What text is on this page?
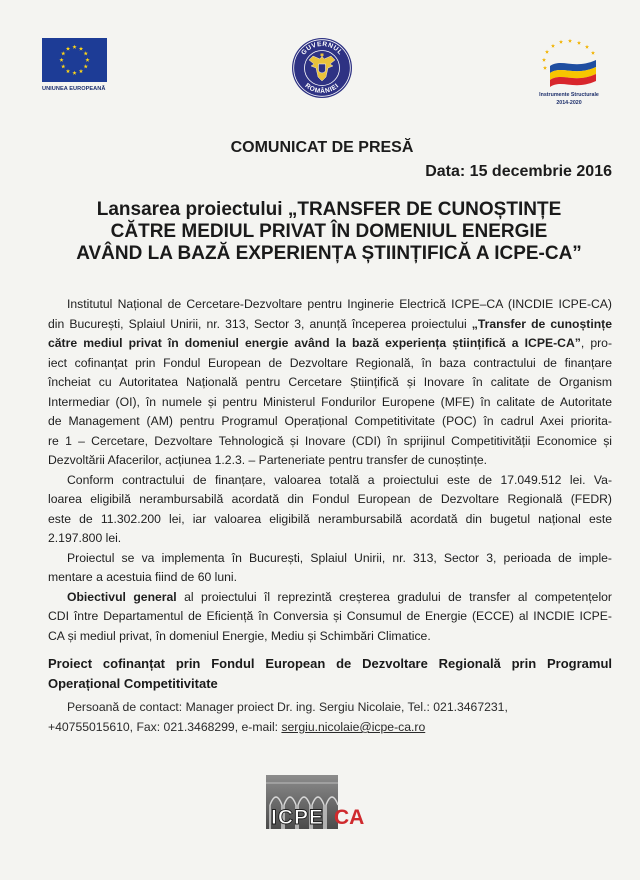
UNIUNEA EUROPEANĂ
GUVERNUL
ROMÂNIEI
Instrumente Structurale
2014-2020
COMUNICAT DE PRESĂ
Data: 15 decembrie 2016
Lansarea proiectului „TRANSFER DE CUNOȘTINȚE
CĂTRE MEDIUL PRIVAT ÎN DOMENIUL ENERGIE
AVÂND LA BAZĂ EXPERIENȚA ȘTIINȚIFICĂ A ICPE-CA”
Institutul Național de Cercetare-Dezvoltare pentru Inginerie Electrică ICPE–CA (INCDIE ICPE-CA)
din București, Splaiul Unirii, nr. 313, Sector 3, anunță începerea proiectului „Transfer de cunoștințe
către mediul privat în domeniul energie având la bază experiența științifică a ICPE-CA”, pro-
iect cofinanțat prin Fondul European de Dezvoltare Regională, în baza contractului de finanțare
încheiat cu Autoritatea Națională pentru Cercetare Științifică și Inovare în calitate de Organism
Intermediar (OI), în numele și pentru Ministerul Fondurilor Europene (MFE) în calitate de Autoritate
de Management (AM) pentru Programul Operațional Competitivitate (POC) în cadrul Axei priorita-
re 1 – Cercetare, Dezvoltare Tehnologică și Inovare (CDI) în sprijinul Competitivității Economice și
Dezvoltării Afacerilor, acțiunea 1.2.3. – Parteneriate pentru transfer de cunoștințe.
Conform contractului de finanțare, valoarea totală a proiectului este de 17.049.512 lei. Va-
loarea eligibilă nerambursabilă acordată din Fondul European de Dezvoltare Regională (FEDR)
este de 11.302.200 lei, iar valoarea eligibilă nerambursabilă acordată din bugetul național este
2.197.800 lei.
Proiectul se va implementa în București, Splaiul Unirii, nr. 313, Sector 3, perioada de imple-
mentare a acestuia fiind de 60 luni.
Obiectivul general al proiectului îl reprezintă creșterea gradului de transfer al competențelor
CDI între Departamentul de Eficiență în Conversia și Consumul de Energie (ECCE) al INCDIE ICPE-
CA și mediul privat, în domeniul Energie, Mediu și Schimbări Climatice.
Proiect cofinanțat prin Fondul European de Dezvoltare Regională prin Programul
Operațional Competitivitate
Persoană de contact: Manager proiect Dr. ing. Sergiu Nicolaie, Tel.: 021.3467231,
+40755015610, Fax: 021.3468299, e-mail: sergiu.nicolaie@icpe-ca.ro
ICPE CA
